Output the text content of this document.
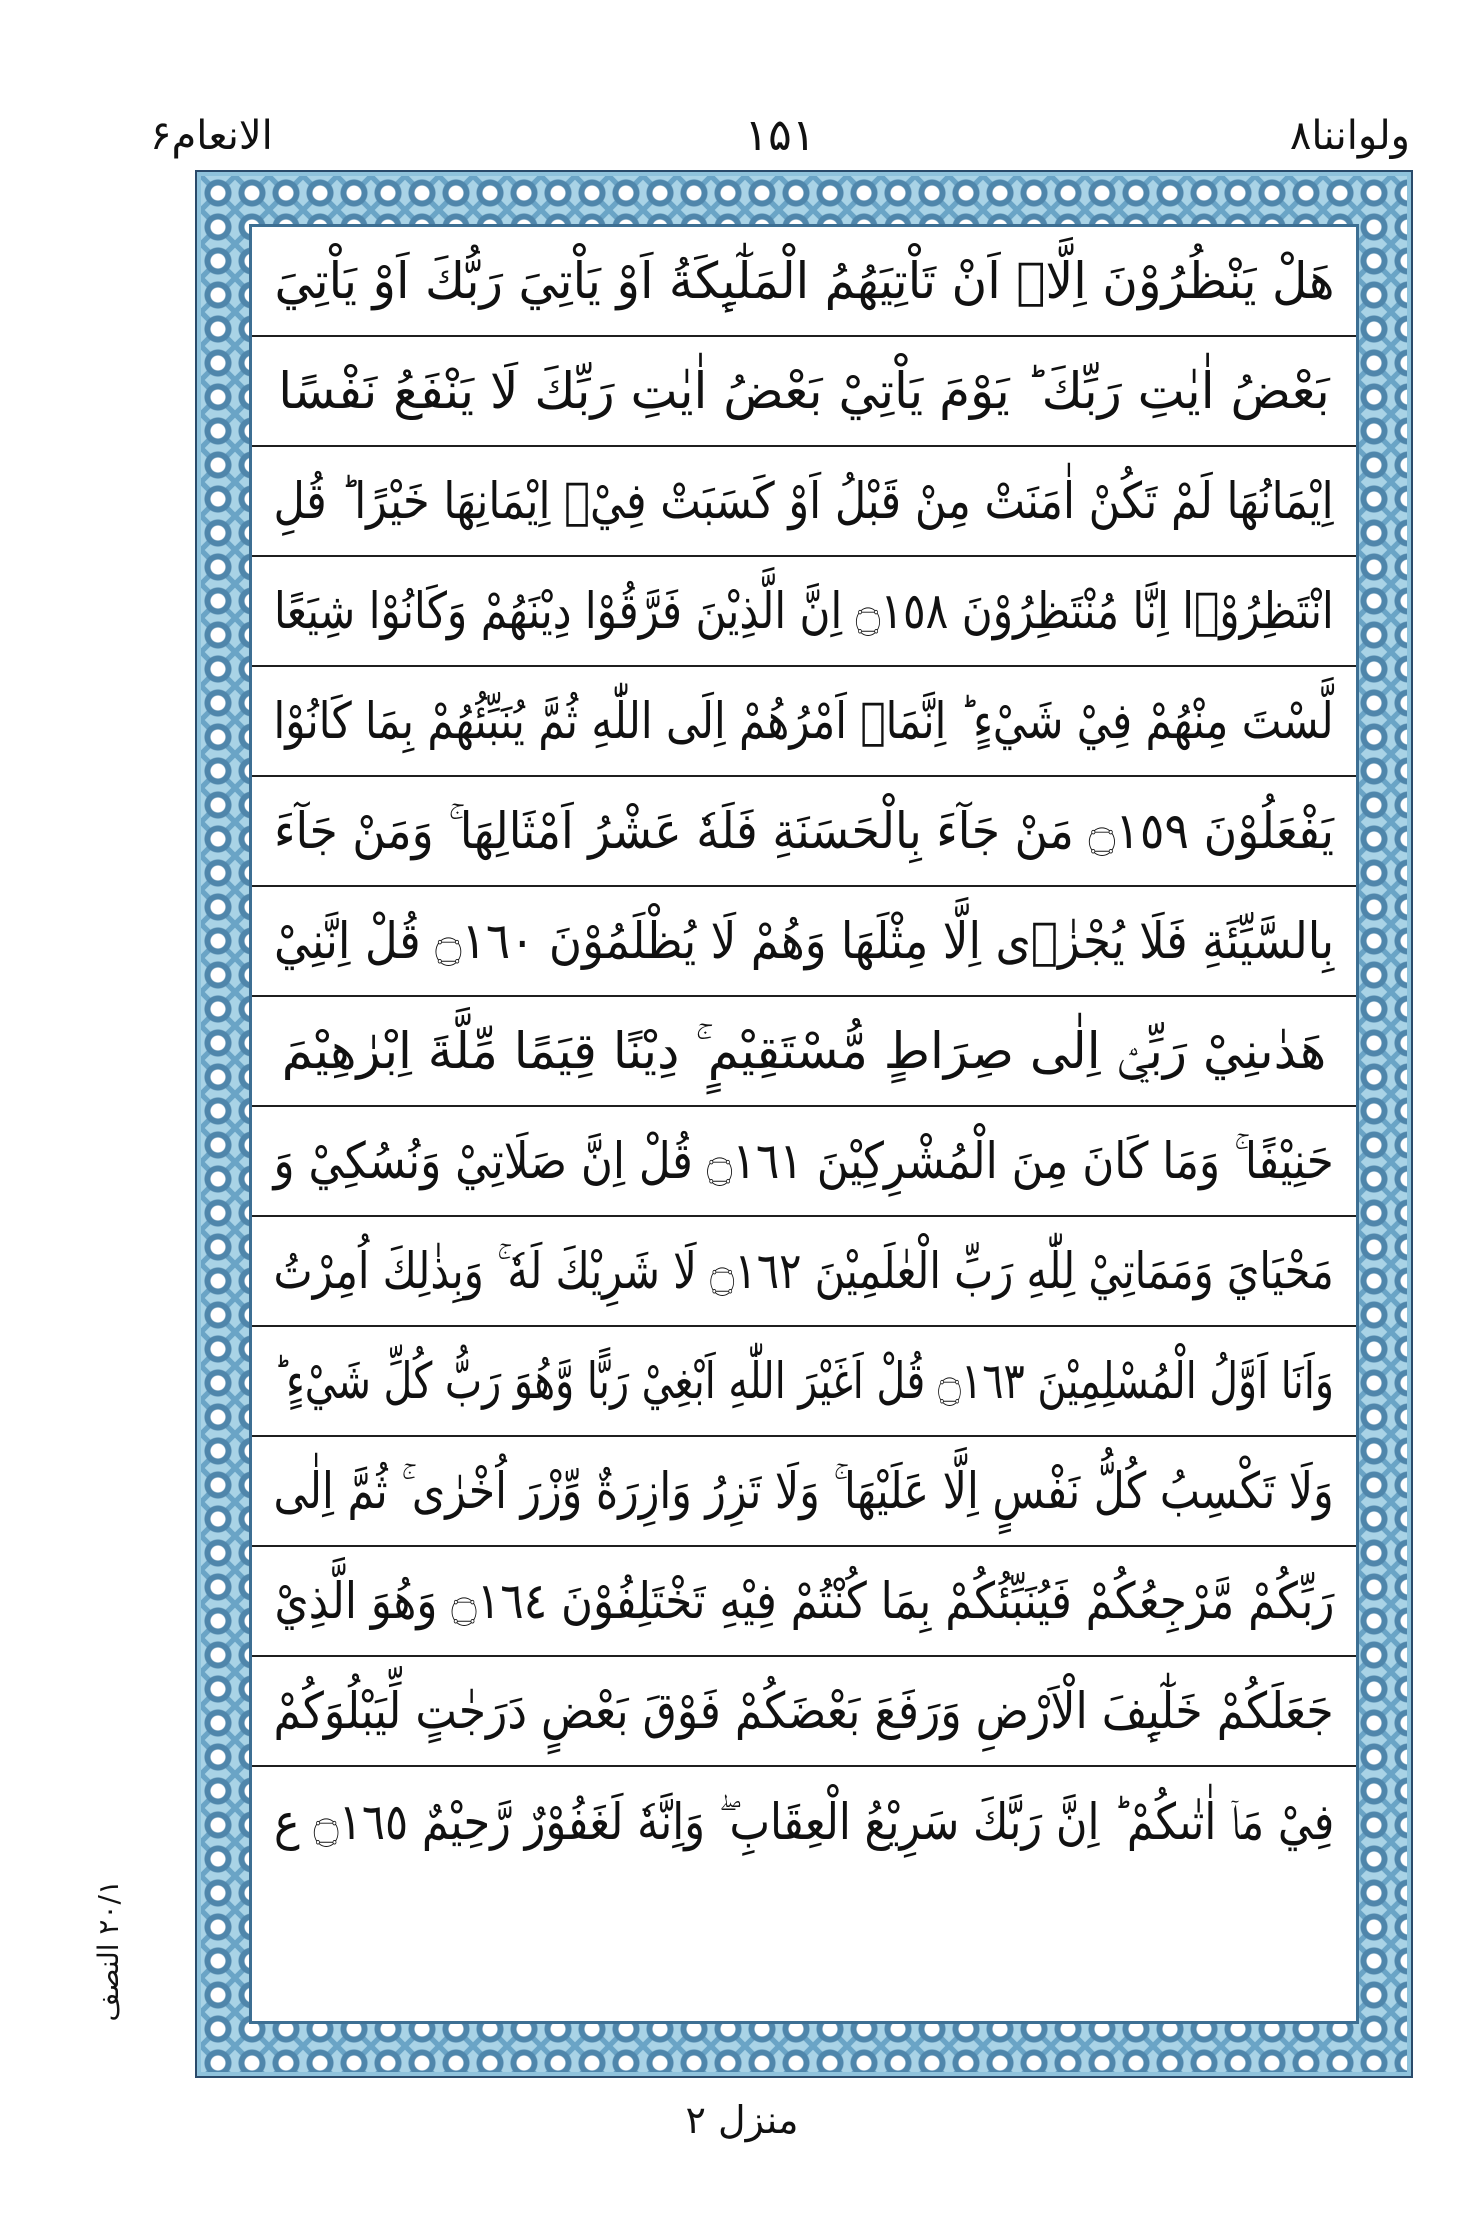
ولواننا۸
۱۵۱
الانعام۶
هَلْ يَنْظُرُوْنَ اِلَّاۤ اَنْ تَاْتِيَهُمُ الْمَلٰٓىِٕكَةُ اَوْ يَاْتِيَ رَبُّكَ اَوْ يَاْتِيَ
بَعْضُ اٰيٰتِ رَبِّكَ ؕ يَوْمَ يَاْتِيْ بَعْضُ اٰيٰتِ رَبِّكَ لَا يَنْفَعُ نَفْسًا
اِيْمَانُهَا لَمْ تَكُنْ اٰمَنَتْ مِنْ قَبْلُ اَوْ كَسَبَتْ فِيْۤ اِيْمَانِهَا خَيْرًا ؕ قُلِ
انْتَظِرُوْۤا اِنَّا مُنْتَظِرُوْنَ ۝١٥٨ اِنَّ الَّذِيْنَ فَرَّقُوْا دِيْنَهُمْ وَكَانُوْا شِيَعًا
لَّسْتَ مِنْهُمْ فِيْ شَيْءٍ ؕ اِنَّمَاۤ اَمْرُهُمْ اِلَى اللّٰهِ ثُمَّ يُنَبِّئُهُمْ بِمَا كَانُوْا
يَفْعَلُوْنَ ۝١٥٩ مَنْ جَآءَ بِالْحَسَنَةِ فَلَهٗ عَشْرُ اَمْثَالِهَا ۚ وَمَنْ جَآءَ
بِالسَّيِّئَةِ فَلَا يُجْزٰۤى اِلَّا مِثْلَهَا وَهُمْ لَا يُظْلَمُوْنَ ۝١٦٠ قُلْ اِنَّنِيْ
هَدٰىنِيْ رَبِّيْۤ اِلٰى صِرَاطٍ مُّسْتَقِيْمٍ ۚ دِيْنًا قِيَمًا مِّلَّةَ اِبْرٰهِيْمَ
حَنِيْفًا ۚ وَمَا كَانَ مِنَ الْمُشْرِكِيْنَ ۝١٦١ قُلْ اِنَّ صَلَاتِيْ وَنُسُكِيْ وَ
مَحْيَايَ وَمَمَاتِيْ لِلّٰهِ رَبِّ الْعٰلَمِيْنَ ۝١٦٢ لَا شَرِيْكَ لَهٗ ۚ وَبِذٰلِكَ اُمِرْتُ
وَاَنَا اَوَّلُ الْمُسْلِمِيْنَ ۝١٦٣ قُلْ اَغَيْرَ اللّٰهِ اَبْغِيْ رَبًّا وَّهُوَ رَبُّ كُلِّ شَيْءٍ ؕ
وَلَا تَكْسِبُ كُلُّ نَفْسٍ اِلَّا عَلَيْهَا ۚ وَلَا تَزِرُ وَازِرَةٌ وِّزْرَ اُخْرٰى ۚ ثُمَّ اِلٰى
رَبِّكُمْ مَّرْجِعُكُمْ فَيُنَبِّئُكُمْ بِمَا كُنْتُمْ فِيْهِ تَخْتَلِفُوْنَ ۝١٦٤ وَهُوَ الَّذِيْ
جَعَلَكُمْ خَلٰٓىِٕفَ الْاَرْضِ وَرَفَعَ بَعْضَكُمْ فَوْقَ بَعْضٍ دَرَجٰتٍ لِّيَبْلُوَكُمْ
فِيْ مَاۤ اٰتٰىكُمْ ؕ اِنَّ رَبَّكَ سَرِيْعُ الْعِقَابِ ۖ وَاِنَّهٗ لَغَفُوْرٌ رَّحِيْمٌ ۝١٦٥ ع
۲۰/۱ النصف
منزل ۲
